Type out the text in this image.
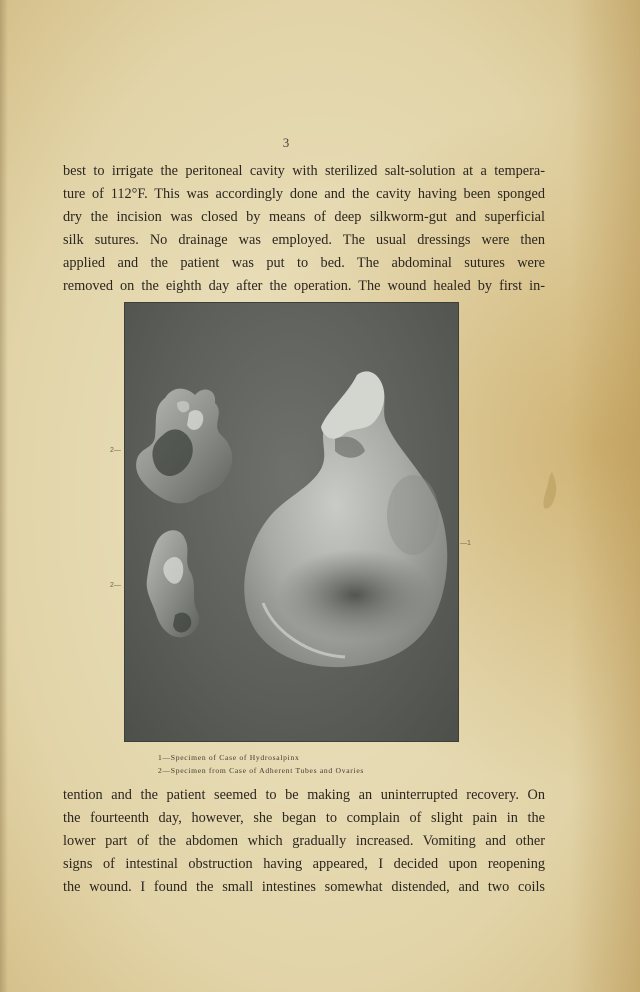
3

best to irrigate the peritoneal cavity with sterilized salt-solution at a tempera-
ture of 112°F. This was accordingly done and the cavity having been sponged
dry the incision was closed by means of deep silkworm-gut and superficial
silk sutures. No drainage was employed. The usual dressings were then
applied and the patient was put to bed. The abdominal sutures were
removed on the eighth day after the operation. The wound healed by first in-

2—
2—
—1
1—Specimen of Case of Hydrosalpinx
2—Specimen from Case of Adherent Tubes and Ovaries

tention and the patient seemed to be making an uninterrupted recovery. On
the fourteenth day, however, she began to complain of slight pain in the
lower part of the abdomen which gradually increased. Vomiting and other
signs of intestinal obstruction having appeared, I decided upon reopening
the wound. I found the small intestines somewhat distended, and two coils
